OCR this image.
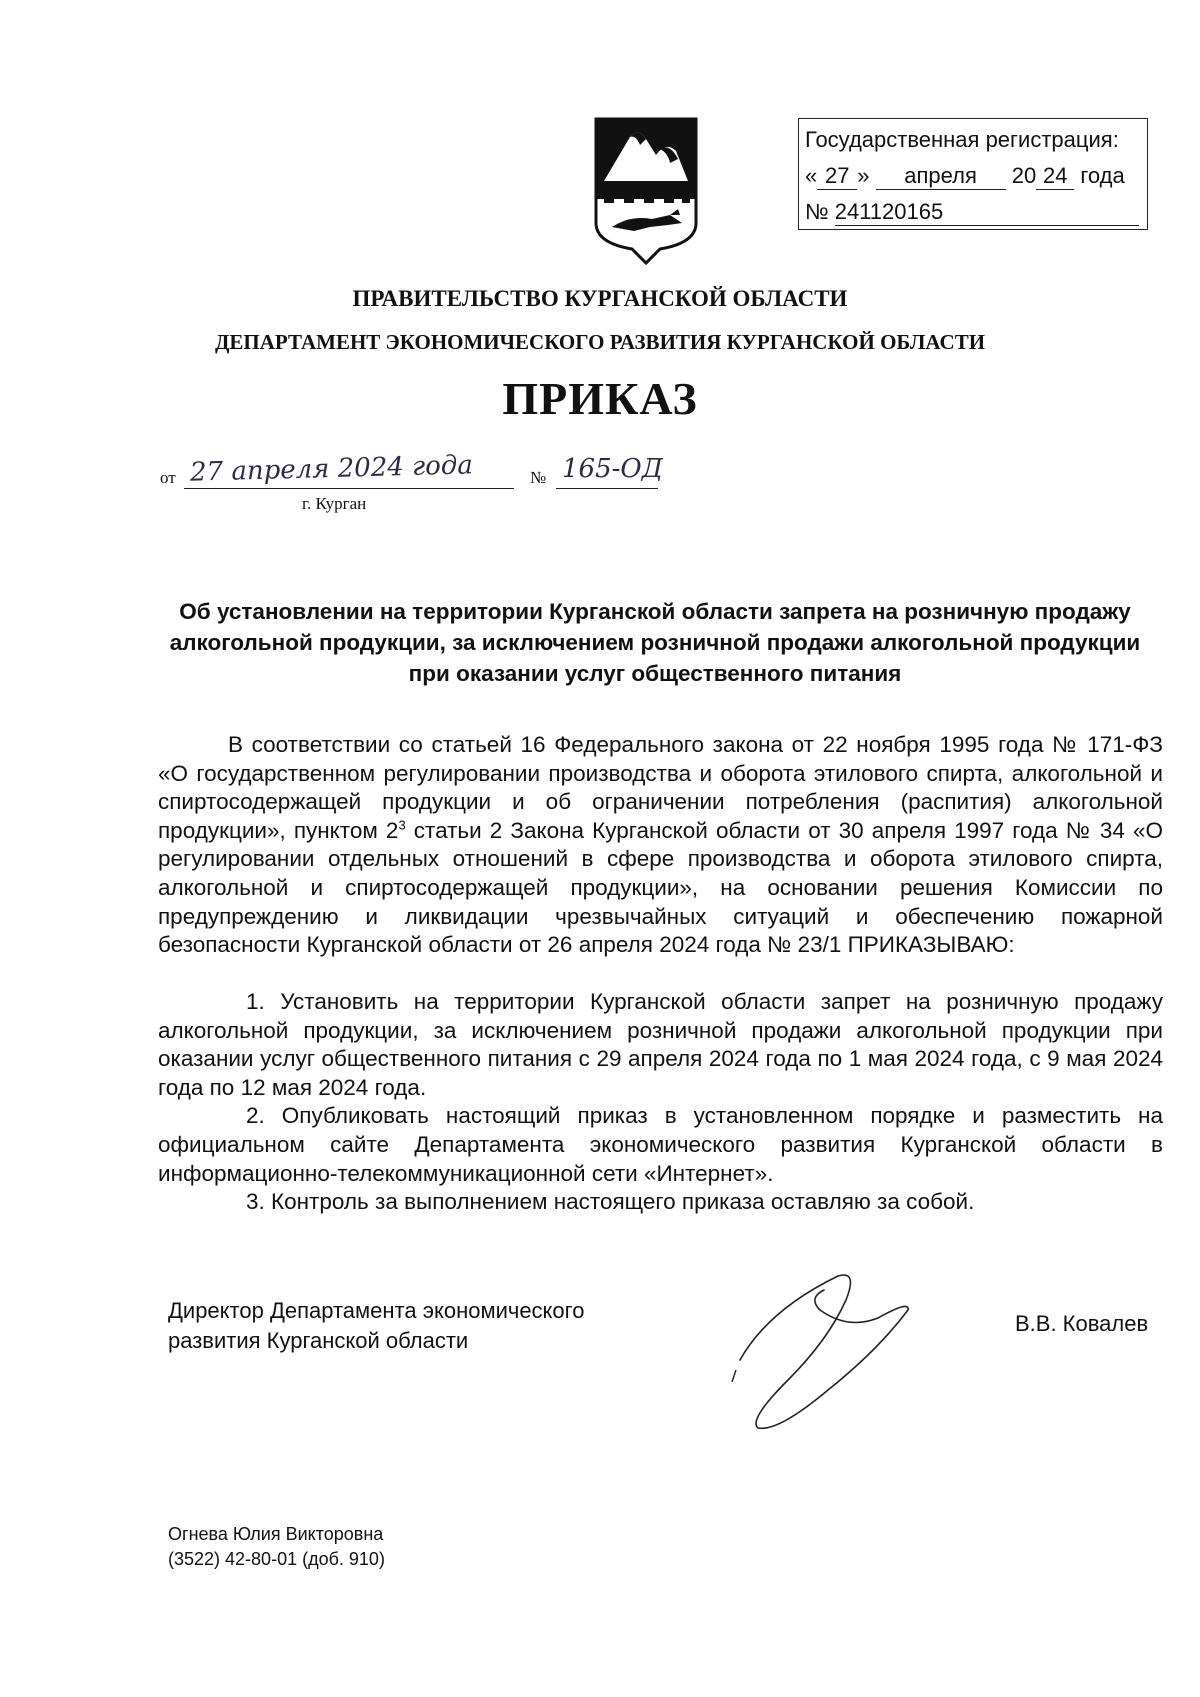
Государственная регистрация:
« 27 » апреля 20 24 года
№ 241120165
ПРАВИТЕЛЬСТВО КУРГАНСКОЙ ОБЛАСТИ
ДЕПАРТАМЕНТ ЭКОНОМИЧЕСКОГО РАЗВИТИЯ КУРГАНСКОЙ ОБЛАСТИ
ПРИКАЗ
от 27 апреля 2024 года	№ 165-ОД
г. Курган
Об установлении на территории Курганской области запрета на розничную продажу алкогольной продукции, за исключением розничной продажи алкогольной продукции при оказании услуг общественного питания
В соответствии со статьей 16 Федерального закона от 22 ноября 1995 года № 171-ФЗ «О государственном регулировании производства и оборота этилового спирта, алкогольной и спиртосодержащей продукции и об ограничении потребления (распития) алкогольной продукции», пунктом $2^3$ статьи 2 Закона Курганской области от 30 апреля 1997 года № 34 «О регулировании отдельных отношений в сфере производства и оборота этилового спирта, алкогольной и спиртосодержащей продукции», на основании решения Комиссии по предупреждению и ликвидации чрезвычайных ситуаций и обеспечению пожарной безопасности Курганской области от 26 апреля 2024 года № 23/1 ПРИКАЗЫВАЮ:
1. Установить на территории Курганской области запрет на розничную продажу алкогольной продукции, за исключением розничной продажи алкогольной продукции при оказании услуг общественного питания с 29 апреля 2024 года по 1 мая 2024 года, с 9 мая 2024 года по 12 мая 2024 года.
2. Опубликовать настоящий приказ в установленном порядке и разместить на официальном сайте Департамента экономического развития Курганской области в информационно-телекоммуникационной сети «Интернет».
3. Контроль за выполнением настоящего приказа оставляю за собой.
Директор Департамента экономического
развития Курганской области
В.В. Ковалев
Огнева Юлия Викторовна
(3522) 42-80-01 (доб. 910)
